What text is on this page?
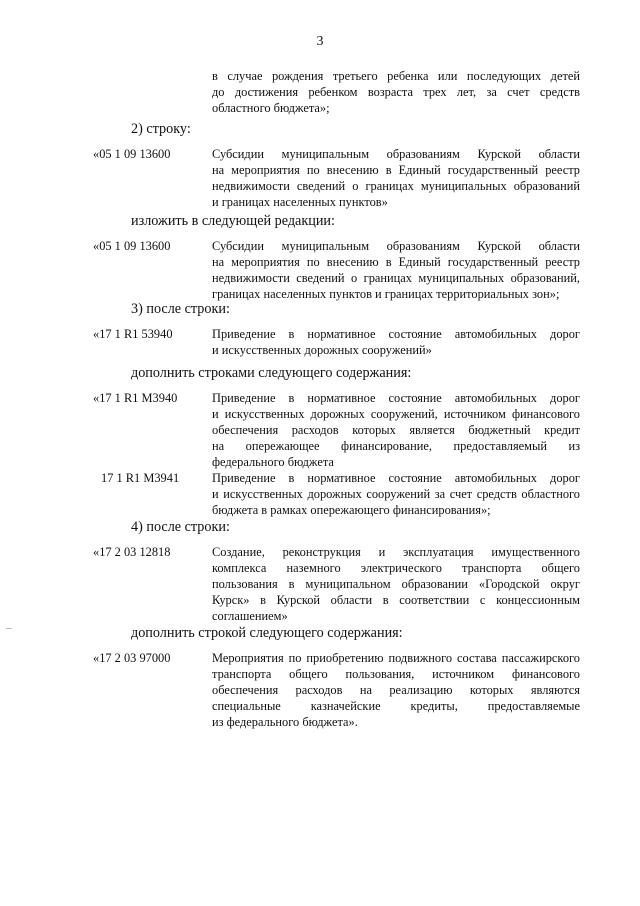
3
в случае рождения третьего ребенка или последующих детей
до достижения ребенком возраста трех лет, за счет средств
областного бюджета»;
2) строку:
«05 1 09 13600	Субсидии муниципальным образованиям Курской области
на мероприятия по внесению в Единый государственный реестр
недвижимости сведений о границах муниципальных образований
и границах населенных пунктов»
изложить в следующей редакции:
«05 1 09 13600	Субсидии муниципальным образованиям Курской области
на мероприятия по внесению в Единый государственный реестр
недвижимости сведений о границах муниципальных образований,
границах населенных пунктов и границах территориальных зон»;
3) после строки:
«17 1 R1 53940	Приведение в нормативное состояние автомобильных дорог
и искусственных дорожных сооружений»
дополнить строками следующего содержания:
«17 1 R1 M3940	Приведение в нормативное состояние автомобильных дорог
и искусственных дорожных сооружений, источником финансового
обеспечения расходов которых является бюджетный кредит
на опережающее финансирование, предоставляемый из
федерального бюджета
17 1 R1 M3941	Приведение в нормативное состояние автомобильных дорог
и искусственных дорожных сооружений за счет средств областного
бюджета в рамках опережающего финансирования»;
4) после строки:
«17 2 03 12818	Создание, реконструкция и эксплуатация имущественного
комплекса наземного электрического транспорта общего
пользования в муниципальном образовании «Городской округ
Курск» в Курской области в соответствии с концессионным
соглашением»
дополнить строкой следующего содержания:
«17 2 03 97000	Мероприятия по приобретению подвижного состава пассажирского
транспорта общего пользования, источником финансового
обеспечения расходов на реализацию которых являются
специальные казначейские кредиты, предоставляемые
из федерального бюджета».
